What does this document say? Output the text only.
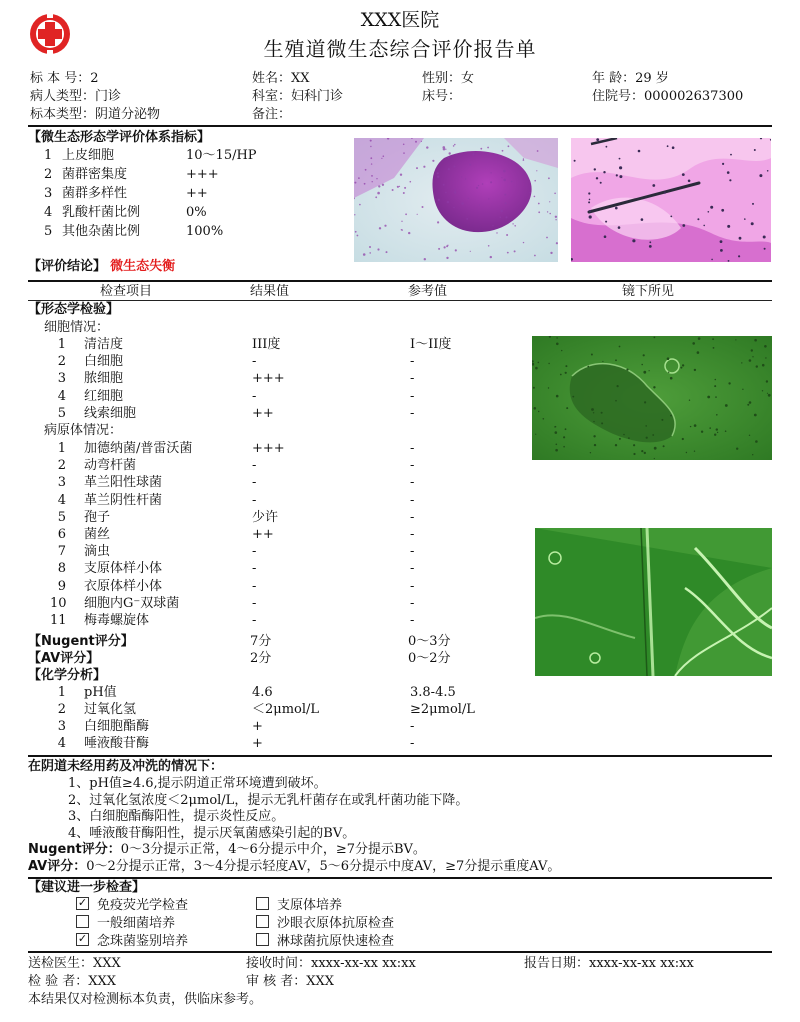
XXX医院
生殖道微生态综合评价报告单
标 本 号：2	姓名：XX	性别：女	年 龄：29 岁
病人类型：门诊	科室：妇科门诊	床号：	住院号：000002637300
标本类型：阴道分泌物	备注：
【微生态形态学评价体系指标】
1 上皮细胞	10～15/HP
2 菌群密集度	+++
3 菌群多样性	++
4 乳酸杆菌比例	0%
5 其他杂菌比例	100%
【评价结论】 微生态失衡
检查项目	结果值	参考值	镜下所见
【形态学检验】
细胞情况：
1 清洁度	III度	I～II度
2 白细胞	-	-
3 脓细胞	+++	-
4 红细胞	-	-
5 线索细胞	++	-
病原体情况：
1 加德纳菌/普雷沃菌	+++	-
2 动弯杆菌	-	-
3 革兰阳性球菌	-	-
4 革兰阴性杆菌	-	-
5 孢子	少许	-
6 菌丝	++	-
7 滴虫	-	-
8 支原体样小体	-	-
9 衣原体样小体	-	-
10 细胞内G⁻双球菌	-	-
11 梅毒螺旋体	-	-
【Nugent评分】	7分	0～3分
【AV评分】	2分	0～2分
【化学分析】
1 pH值	4.6	3.8-4.5
2 过氧化氢	＜2μmol/L	≥2μmol/L
3 白细胞酯酶	+	-
4 唾液酸苷酶	+	-
在阴道未经用药及冲洗的情况下：
1、pH值≥4.6,提示阴道正常环境遭到破坏。
2、过氧化氢浓度＜2μmol/L，提示无乳杆菌存在或乳杆菌功能下降。
3、白细胞酯酶阳性，提示炎性反应。
4、唾液酸苷酶阳性，提示厌氧菌感染引起的BV。
Nugent评分：0～3分提示正常，4～6分提示中介，≥7分提示BV。
AV评分：0～2分提示正常，3～4分提示轻度AV，5～6分提示中度AV，≥7分提示重度AV。
【建议进一步检查】
✓ 免疫荧光学检查	支原体培养
一般细菌培养	沙眼衣原体抗原检查
✓ 念珠菌鉴别培养	淋球菌抗原快速检查
送检医生：XXX	接收时间：xxxx-xx-xx xx:xx	报告日期：xxxx-xx-xx xx:xx
检 验 者：XXX	审 核 者：XXX
本结果仅对检测标本负责，供临床参考。
